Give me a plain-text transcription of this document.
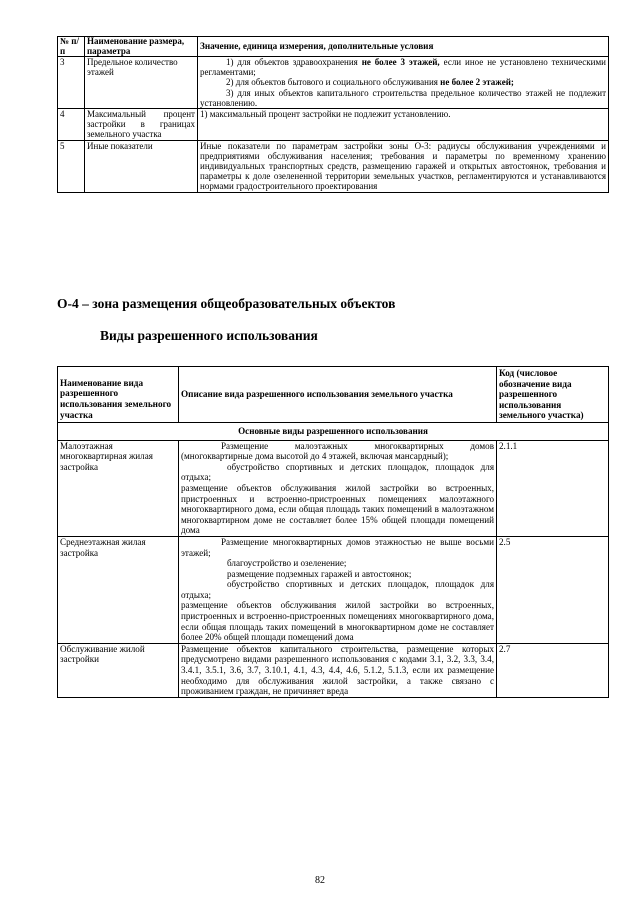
№ п/п	Наименование размера, параметра	Значение, единица измерения, дополнительные условия
3	Предельное количество этажей	1) для объектов здравоохранения не более 3 этажей, если иное не установлено техническими регламентами;

2) для объектов бытового и социального обслуживания не более 2 этажей;

3) для иных объектов капитального строительства предельное количество этажей не подлежит установлению.

4	Максимальный процент застройки в границах земельного участка	1) максимальный процент застройки не подлежит установлению.

5	Иные показатели	Иные показатели по параметрам застройки зоны О-3: радиусы обслуживания учреждениями и предприятиями обслуживания населения; требования и параметры по временному хранению индивидуальных транспортных средств, размещению гаражей и открытых автостоянок, требования и параметры к доле озелененной территории земельных участков, регламентируются и устанавливаются нормами градостроительного проектирования

О-4 – зона размещения общеобразовательных объектов
Виды разрешенного использования
Наименование вида разрешенного использования земельного участка	Описание вида разрешенного использования земельного участка	Код (числовое обозначение вида разрешенного использования земельного участка)
Основные виды разрешенного использования		
Малоэтажная многоквартирная жилая застройка	Размещение малоэтажных многоквартирных домов (многоквартирные дома высотой до 4 этажей, включая мансардный);

обустройство спортивных и детских площадок, площадок для отдыха;

размещение объектов обслуживания жилой застройки во встроенных, пристроенных и встроенно-пристроенных помещениях малоэтажного многоквартирного дома, если общая площадь таких помещений в малоэтажном многоквартирном доме не составляет более 15% общей площади помещений дома	2.1.1
Среднеэтажная жилая застройка	Размещение многоквартирных домов этажностью не выше восьми этажей;

благоустройство и озеленение;

размещение подземных гаражей и автостоянок;

обустройство спортивных и детских площадок, площадок для отдыха;

размещение объектов обслуживания жилой застройки во встроенных, пристроенных и встроенно-пристроенных помещениях многоквартирного дома, если общая площадь таких помещений в многоквартирном доме не составляет более 20% общей площади помещений дома	2.5
Обслуживание жилой застройки	Размещение объектов капитального строительства, размещение которых предусмотрено видами разрешенного использования с кодами 3.1, 3.2, 3.3, 3.4, 3.4.1, 3.5.1, 3.6, 3.7, 3.10.1, 4.1, 4.3, 4.4, 4.6, 5.1.2, 5.1.3, если их размещение необходимо для обслуживания жилой застройки, а также связано с проживанием граждан, не причиняет вреда	2.7
82
